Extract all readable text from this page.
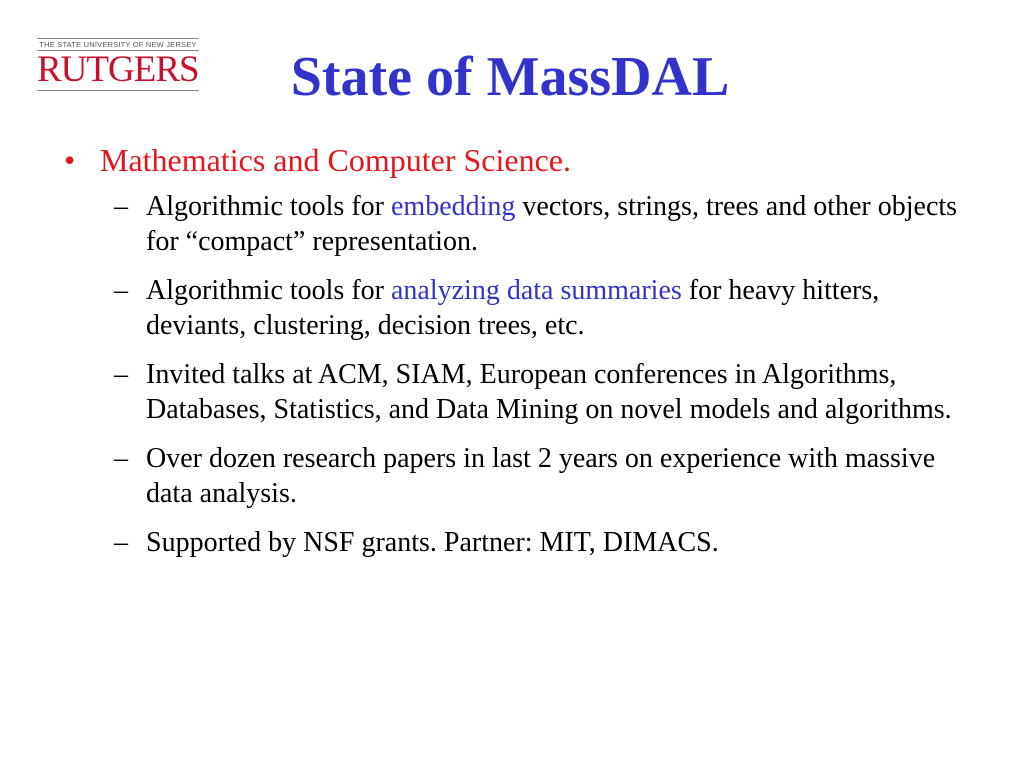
THE STATE UNIVERSITY OF NEW JERSEY
RUTGERS	State of MassDAL
• Mathematics and Computer Science.
– Algorithmic tools for embedding vectors, strings, trees and other objects for “compact” representation.
– Algorithmic tools for analyzing data summaries for heavy hitters, deviants, clustering, decision trees, etc.
– Invited talks at ACM, SIAM, European conferences in Algorithms, Databases, Statistics, and Data Mining on novel models and algorithms.
– Over dozen research papers in last 2 years on experience with massive data analysis.
– Supported by NSF grants. Partner: MIT, DIMACS.
